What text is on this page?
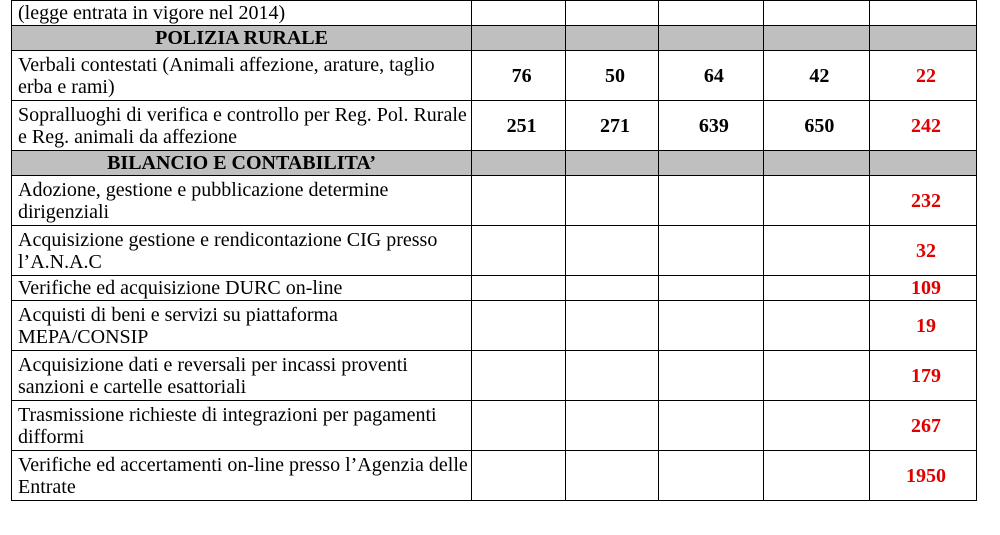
(legge entrata in vigore nel 2014)					
POLIZIA RURALE					
Verbali contestati (Animali affezione, arature, taglio erba e rami)	76	50	64	42	22
Sopralluoghi di verifica e controllo per Reg. Pol. Rurale e Reg. animali da affezione	251	271	639	650	242
BILANCIO E CONTABILITA’					
Adozione, gestione e pubblicazione determine dirigenziali					232
Acquisizione gestione e rendicontazione CIG presso l’A.N.A.C					32
Verifiche ed acquisizione DURC on-line					109
Acquisti di beni e servizi su piattaforma MEPA/CONSIP					19
Acquisizione dati e reversali per incassi proventi sanzioni e cartelle esattoriali					179
Trasmissione richieste di integrazioni per pagamenti difformi					267
Verifiche ed accertamenti on-line presso l’Agenzia delle Entrate					1950
